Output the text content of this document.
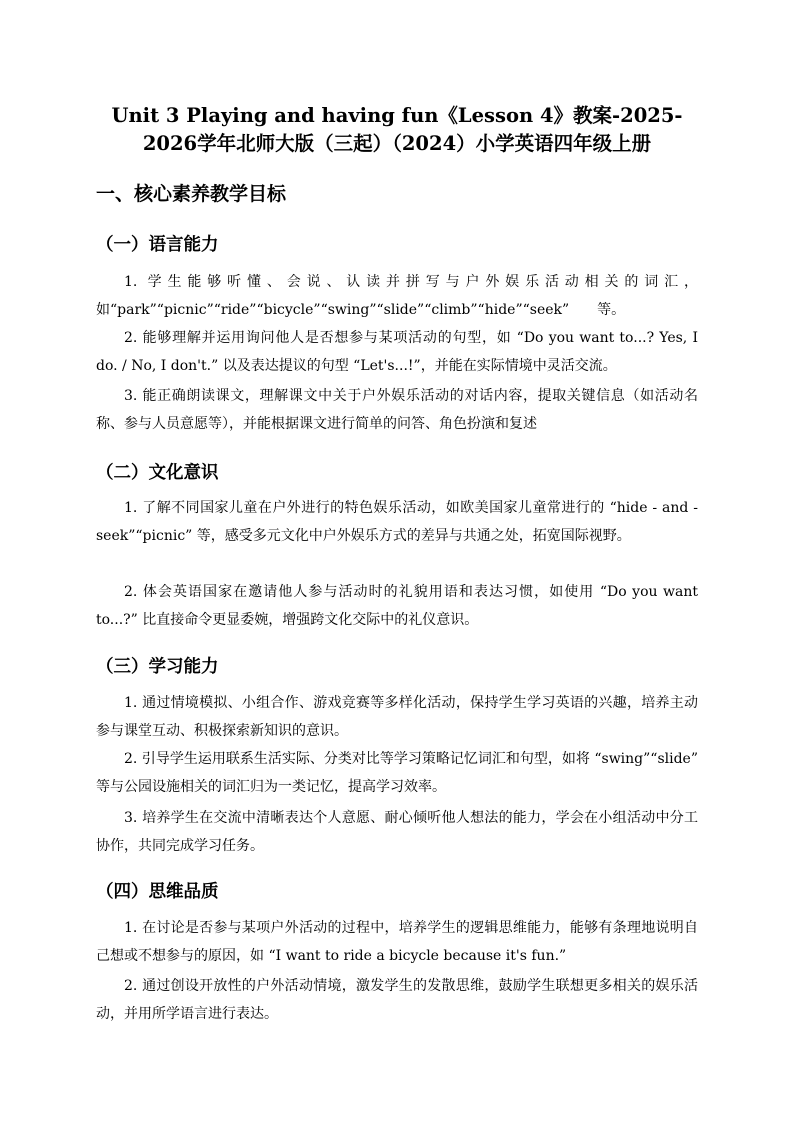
Unit 3 Playing and having fun《Lesson 4》教案-2025-2026学年北师大版（三起）（2024）小学英语四年级上册
一、核心素养教学目标
（一）语言能力
1. 学生能够听懂、会说、认读并拼写与户外娱乐活动相关的词汇，如“park”“picnic”“ride”“bicycle”“swing”“slide”“climb”“hide”“seek”　　等。
2. 能够理解并运用询问他人是否想参与某项活动的句型，如 “Do you want to...? Yes, I do. / No, I don't.” 以及表达提议的句型 “Let's...!”，并能在实际情境中灵活交流。
3. 能正确朗读课文，理解课文中关于户外娱乐活动的对话内容，提取关键信息（如活动名称、参与人员意愿等），并能根据课文进行简单的问答、角色扮演和复述
（二）文化意识
1. 了解不同国家儿童在户外进行的特色娱乐活动，如欧美国家儿童常进行的 “hide - and - seek”“picnic” 等，感受多元文化中户外娱乐方式的差异与共通之处，拓宽国际视野。
2. 体会英语国家在邀请他人参与活动时的礼貌用语和表达习惯，如使用 “Do you want to...?” 比直接命令更显委婉，增强跨文化交际中的礼仪意识。
（三）学习能力
1. 通过情境模拟、小组合作、游戏竞赛等多样化活动，保持学生学习英语的兴趣，培养主动参与课堂互动、积极探索新知识的意识。
2. 引导学生运用联系生活实际、分类对比等学习策略记忆词汇和句型，如将 “swing”“slide” 等与公园设施相关的词汇归为一类记忆，提高学习效率。
3. 培养学生在交流中清晰表达个人意愿、耐心倾听他人想法的能力，学会在小组活动中分工协作，共同完成学习任务。
（四）思维品质
1. 在讨论是否参与某项户外活动的过程中，培养学生的逻辑思维能力，能够有条理地说明自己想或不想参与的原因，如 “I want to ride a bicycle because it's fun.”
2. 通过创设开放性的户外活动情境，激发学生的发散思维，鼓励学生联想更多相关的娱乐活动，并用所学语言进行表达。
